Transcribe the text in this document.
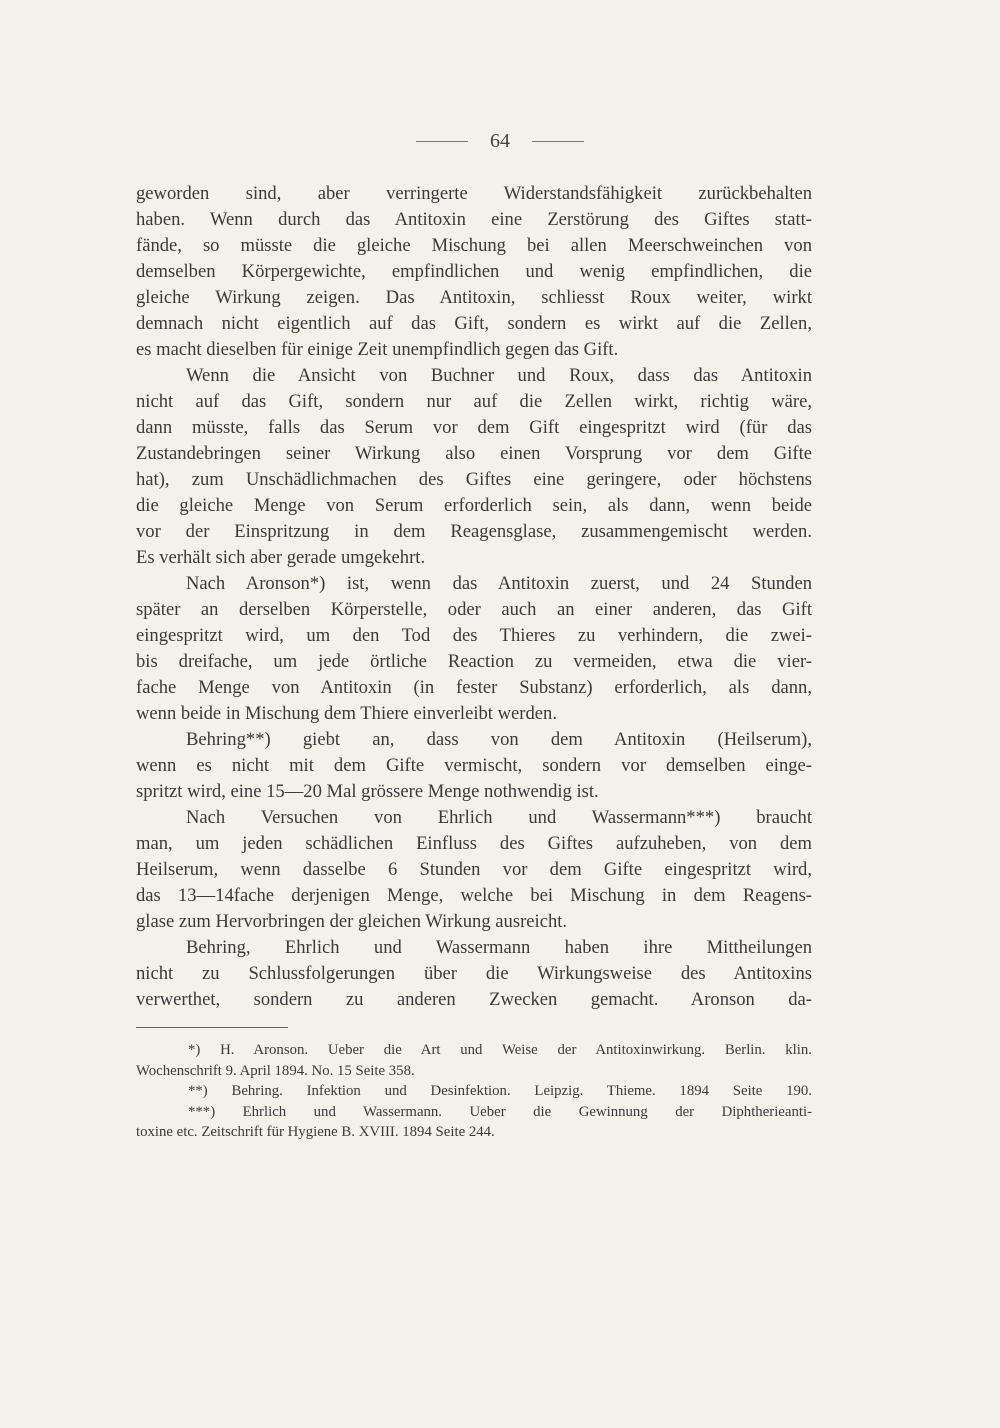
64
geworden sind, aber verringerte Widerstandsfähigkeit zurückbehalten
haben. Wenn durch das Antitoxin eine Zerstörung des Giftes statt-
fände, so müsste die gleiche Mischung bei allen Meerschweinchen von
demselben Körpergewichte, empfindlichen und wenig empfindlichen, die
gleiche Wirkung zeigen. Das Antitoxin, schliesst Roux weiter, wirkt
demnach nicht eigentlich auf das Gift, sondern es wirkt auf die Zellen,
es macht dieselben für einige Zeit unempfindlich gegen das Gift.
Wenn die Ansicht von Buchner und Roux, dass das Antitoxin
nicht auf das Gift, sondern nur auf die Zellen wirkt, richtig wäre,
dann müsste, falls das Serum vor dem Gift eingespritzt wird (für das
Zustandebringen seiner Wirkung also einen Vorsprung vor dem Gifte
hat), zum Unschädlichmachen des Giftes eine geringere, oder höchstens
die gleiche Menge von Serum erforderlich sein, als dann, wenn beide
vor der Einspritzung in dem Reagensglase, zusammengemischt werden.
Es verhält sich aber gerade umgekehrt.
Nach Aronson*) ist, wenn das Antitoxin zuerst, und 24 Stunden
später an derselben Körperstelle, oder auch an einer anderen, das Gift
eingespritzt wird, um den Tod des Thieres zu verhindern, die zwei-
bis dreifache, um jede örtliche Reaction zu vermeiden, etwa die vier-
fache Menge von Antitoxin (in fester Substanz) erforderlich, als dann,
wenn beide in Mischung dem Thiere einverleibt werden.
Behring**) giebt an, dass von dem Antitoxin (Heilserum),
wenn es nicht mit dem Gifte vermischt, sondern vor demselben einge-
spritzt wird, eine 15—20 Mal grössere Menge nothwendig ist.
Nach Versuchen von Ehrlich und Wassermann***) braucht
man, um jeden schädlichen Einfluss des Giftes aufzuheben, von dem
Heilserum, wenn dasselbe 6 Stunden vor dem Gifte eingespritzt wird,
das 13—14fache derjenigen Menge, welche bei Mischung in dem Reagens-
glase zum Hervorbringen der gleichen Wirkung ausreicht.
Behring, Ehrlich und Wassermann haben ihre Mittheilungen
nicht zu Schlussfolgerungen über die Wirkungsweise des Antitoxins
verwerthet, sondern zu anderen Zwecken gemacht. Aronson da-
*) H. Aronson. Ueber die Art und Weise der Antitoxinwirkung. Berlin. klin.
Wochenschrift 9. April 1894. No. 15 Seite 358.
**) Behring. Infektion und Desinfektion. Leipzig. Thieme. 1894 Seite 190.
***) Ehrlich und Wassermann. Ueber die Gewinnung der Diphtherieanti-
toxine etc. Zeitschrift für Hygiene B. XVIII. 1894 Seite 244.
